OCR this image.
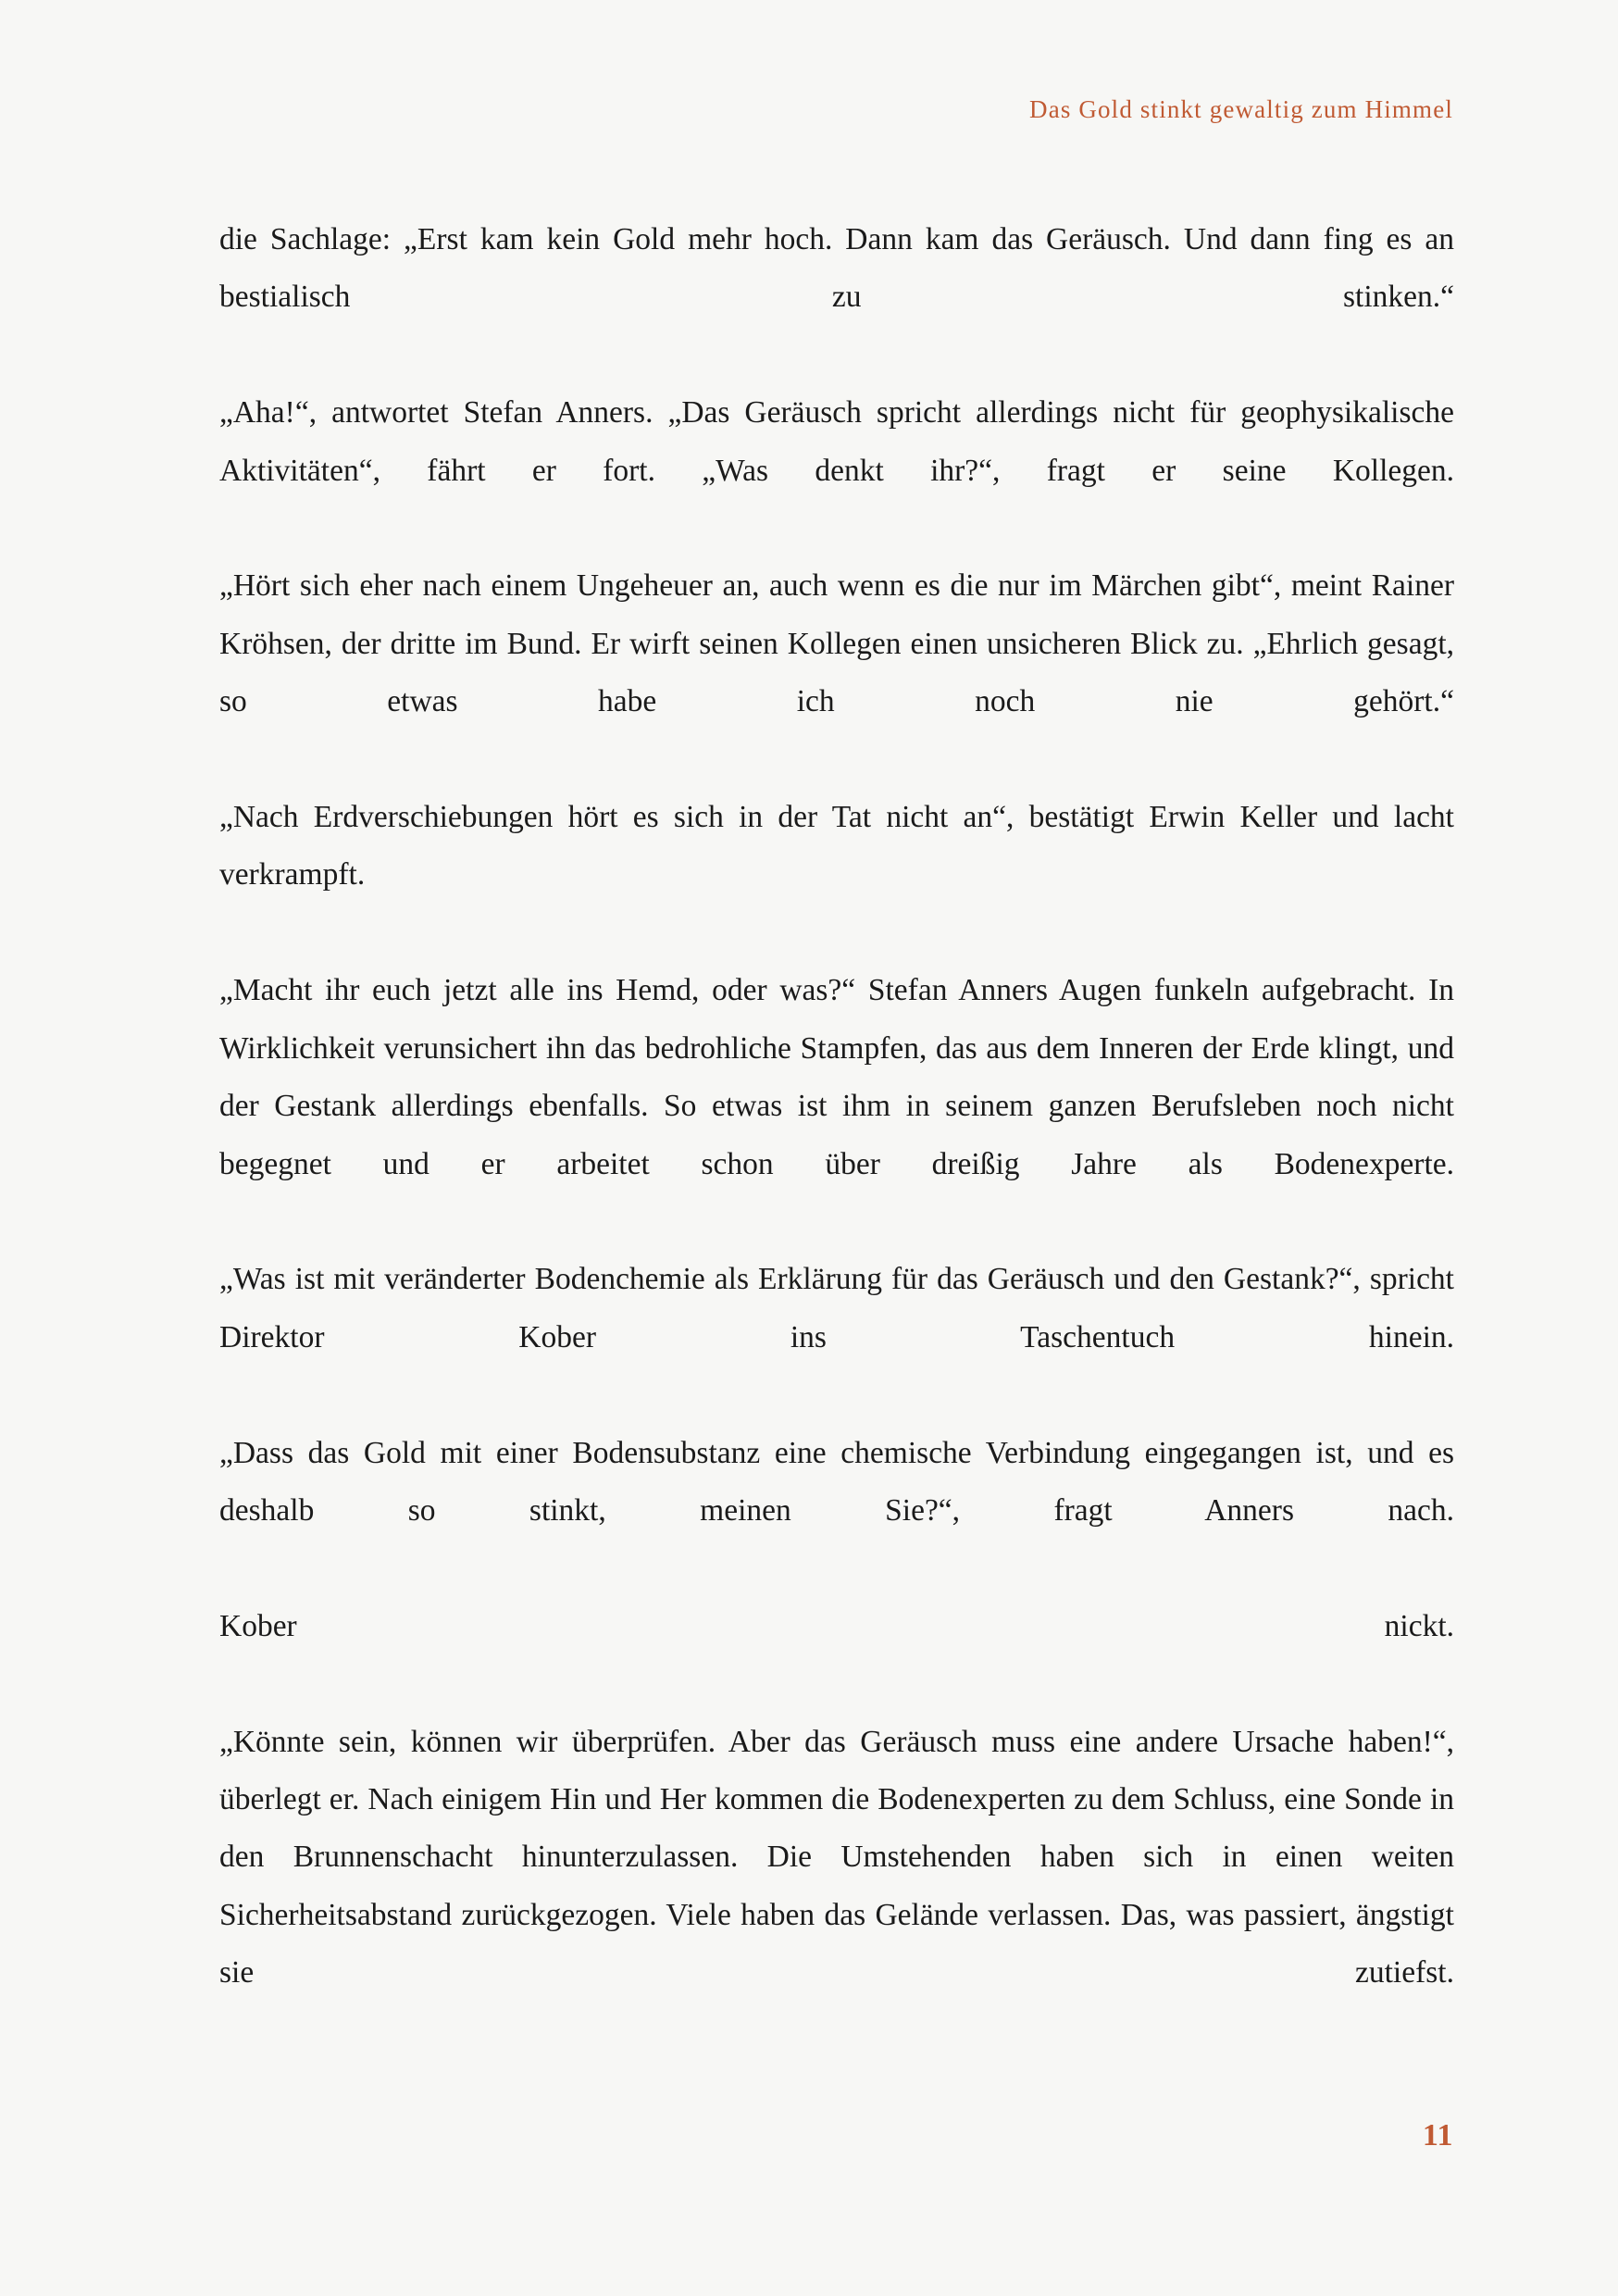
Das Gold stinkt gewaltig zum Himmel

die Sachlage: „Erst kam kein Gold mehr hoch. Dann kam das Geräusch. Und dann fing es an bestialisch zu stinken.“

„Aha!“, antwortet Stefan Anners. „Das Geräusch spricht allerdings nicht für geophysikalische Aktivitäten“, fährt er fort. „Was denkt ihr?“, fragt er seine Kollegen.

„Hört sich eher nach einem Ungeheuer an, auch wenn es die nur im Märchen gibt“, meint Rainer Kröhsen, der dritte im Bund. Er wirft seinen Kollegen einen unsicheren Blick zu. „Ehrlich gesagt, so etwas habe ich noch nie gehört.“

„Nach Erdverschiebungen hört es sich in der Tat nicht an“, bestätigt Erwin Keller und lacht verkrampft.

„Macht ihr euch jetzt alle ins Hemd, oder was?“ Stefan Anners Augen funkeln aufgebracht. In Wirklichkeit verunsichert ihn das bedrohliche Stampfen, das aus dem Inneren der Erde klingt, und der Gestank allerdings ebenfalls. So etwas ist ihm in seinem ganzen Berufsleben noch nicht begegnet und er arbeitet schon über dreißig Jahre als Bodenexperte.

„Was ist mit veränderter Bodenchemie als Erklärung für das Geräusch und den Gestank?“, spricht Direktor Kober ins Taschentuch hinein.

„Dass das Gold mit einer Bodensubstanz eine chemische Verbindung eingegangen ist, und es deshalb so stinkt, meinen Sie?“, fragt Anners nach.

Kober nickt.

„Könnte sein, können wir überprüfen. Aber das Geräusch muss eine andere Ursache haben!“, überlegt er. Nach einigem Hin und Her kommen die Bodenexperten zu dem Schluss, eine Sonde in den Brunnenschacht hinunterzulassen. Die Umstehenden haben sich in einen weiten Sicherheitsabstand zurückgezogen. Viele haben das Gelände verlassen. Das, was passiert, ängstigt sie zutiefst.

11
